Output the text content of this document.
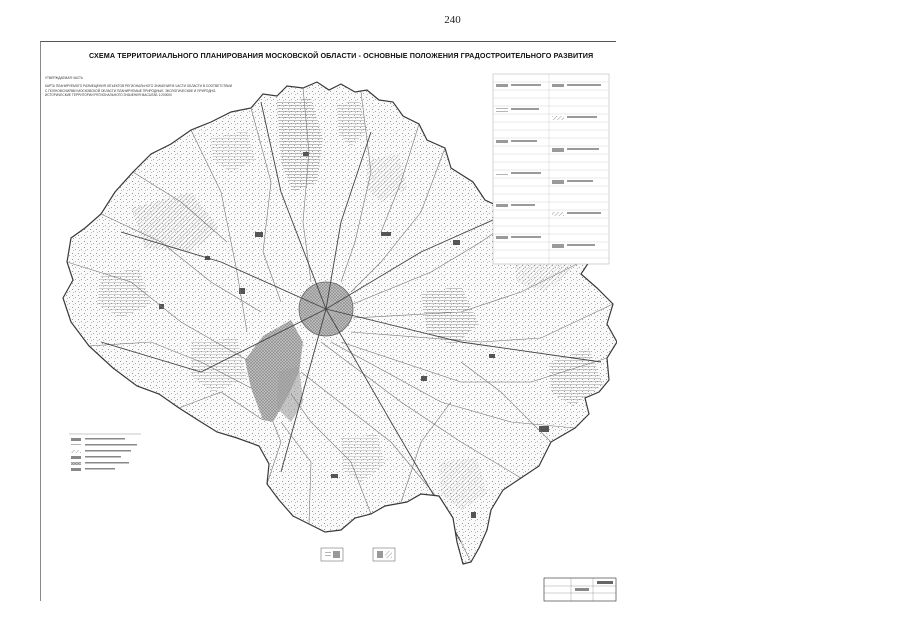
240
СХЕМА ТЕРРИТОРИАЛЬНОГО ПЛАНИРОВАНИЯ МОСКОВСКОЙ ОБЛАСТИ - ОСНОВНЫЕ ПОЛОЖЕНИЯ ГРАДОСТРОИТЕЛЬНОГО РАЗВИТИЯ
УТВЕРЖДАЕМАЯ ЧАСТЬ
КАРТА ПЛАНИРУЕМОГО РАЗМЕЩЕНИЯ ОБЪЕКТОВ РЕГИОНАЛЬНОГО ЗНАЧЕНИЯ В ЧАСТИ ОБЛАСТИ В СООТВЕТСТВИИ С ПОЛНОМОЧИЯМИ МОСКОВСКОЙ ОБЛАСТИ ПЛАНИРУЕМЫЕ ПРИРОДНЫЕ, ЭКОЛОГИЧЕСКИЕ И ПРИРОДНО-ИСТОРИЧЕСКИЕ ТЕРРИТОРИИ РЕГИОНАЛЬНОГО ЗНАЧЕНИЯ МАСШТАБ 1:200000
